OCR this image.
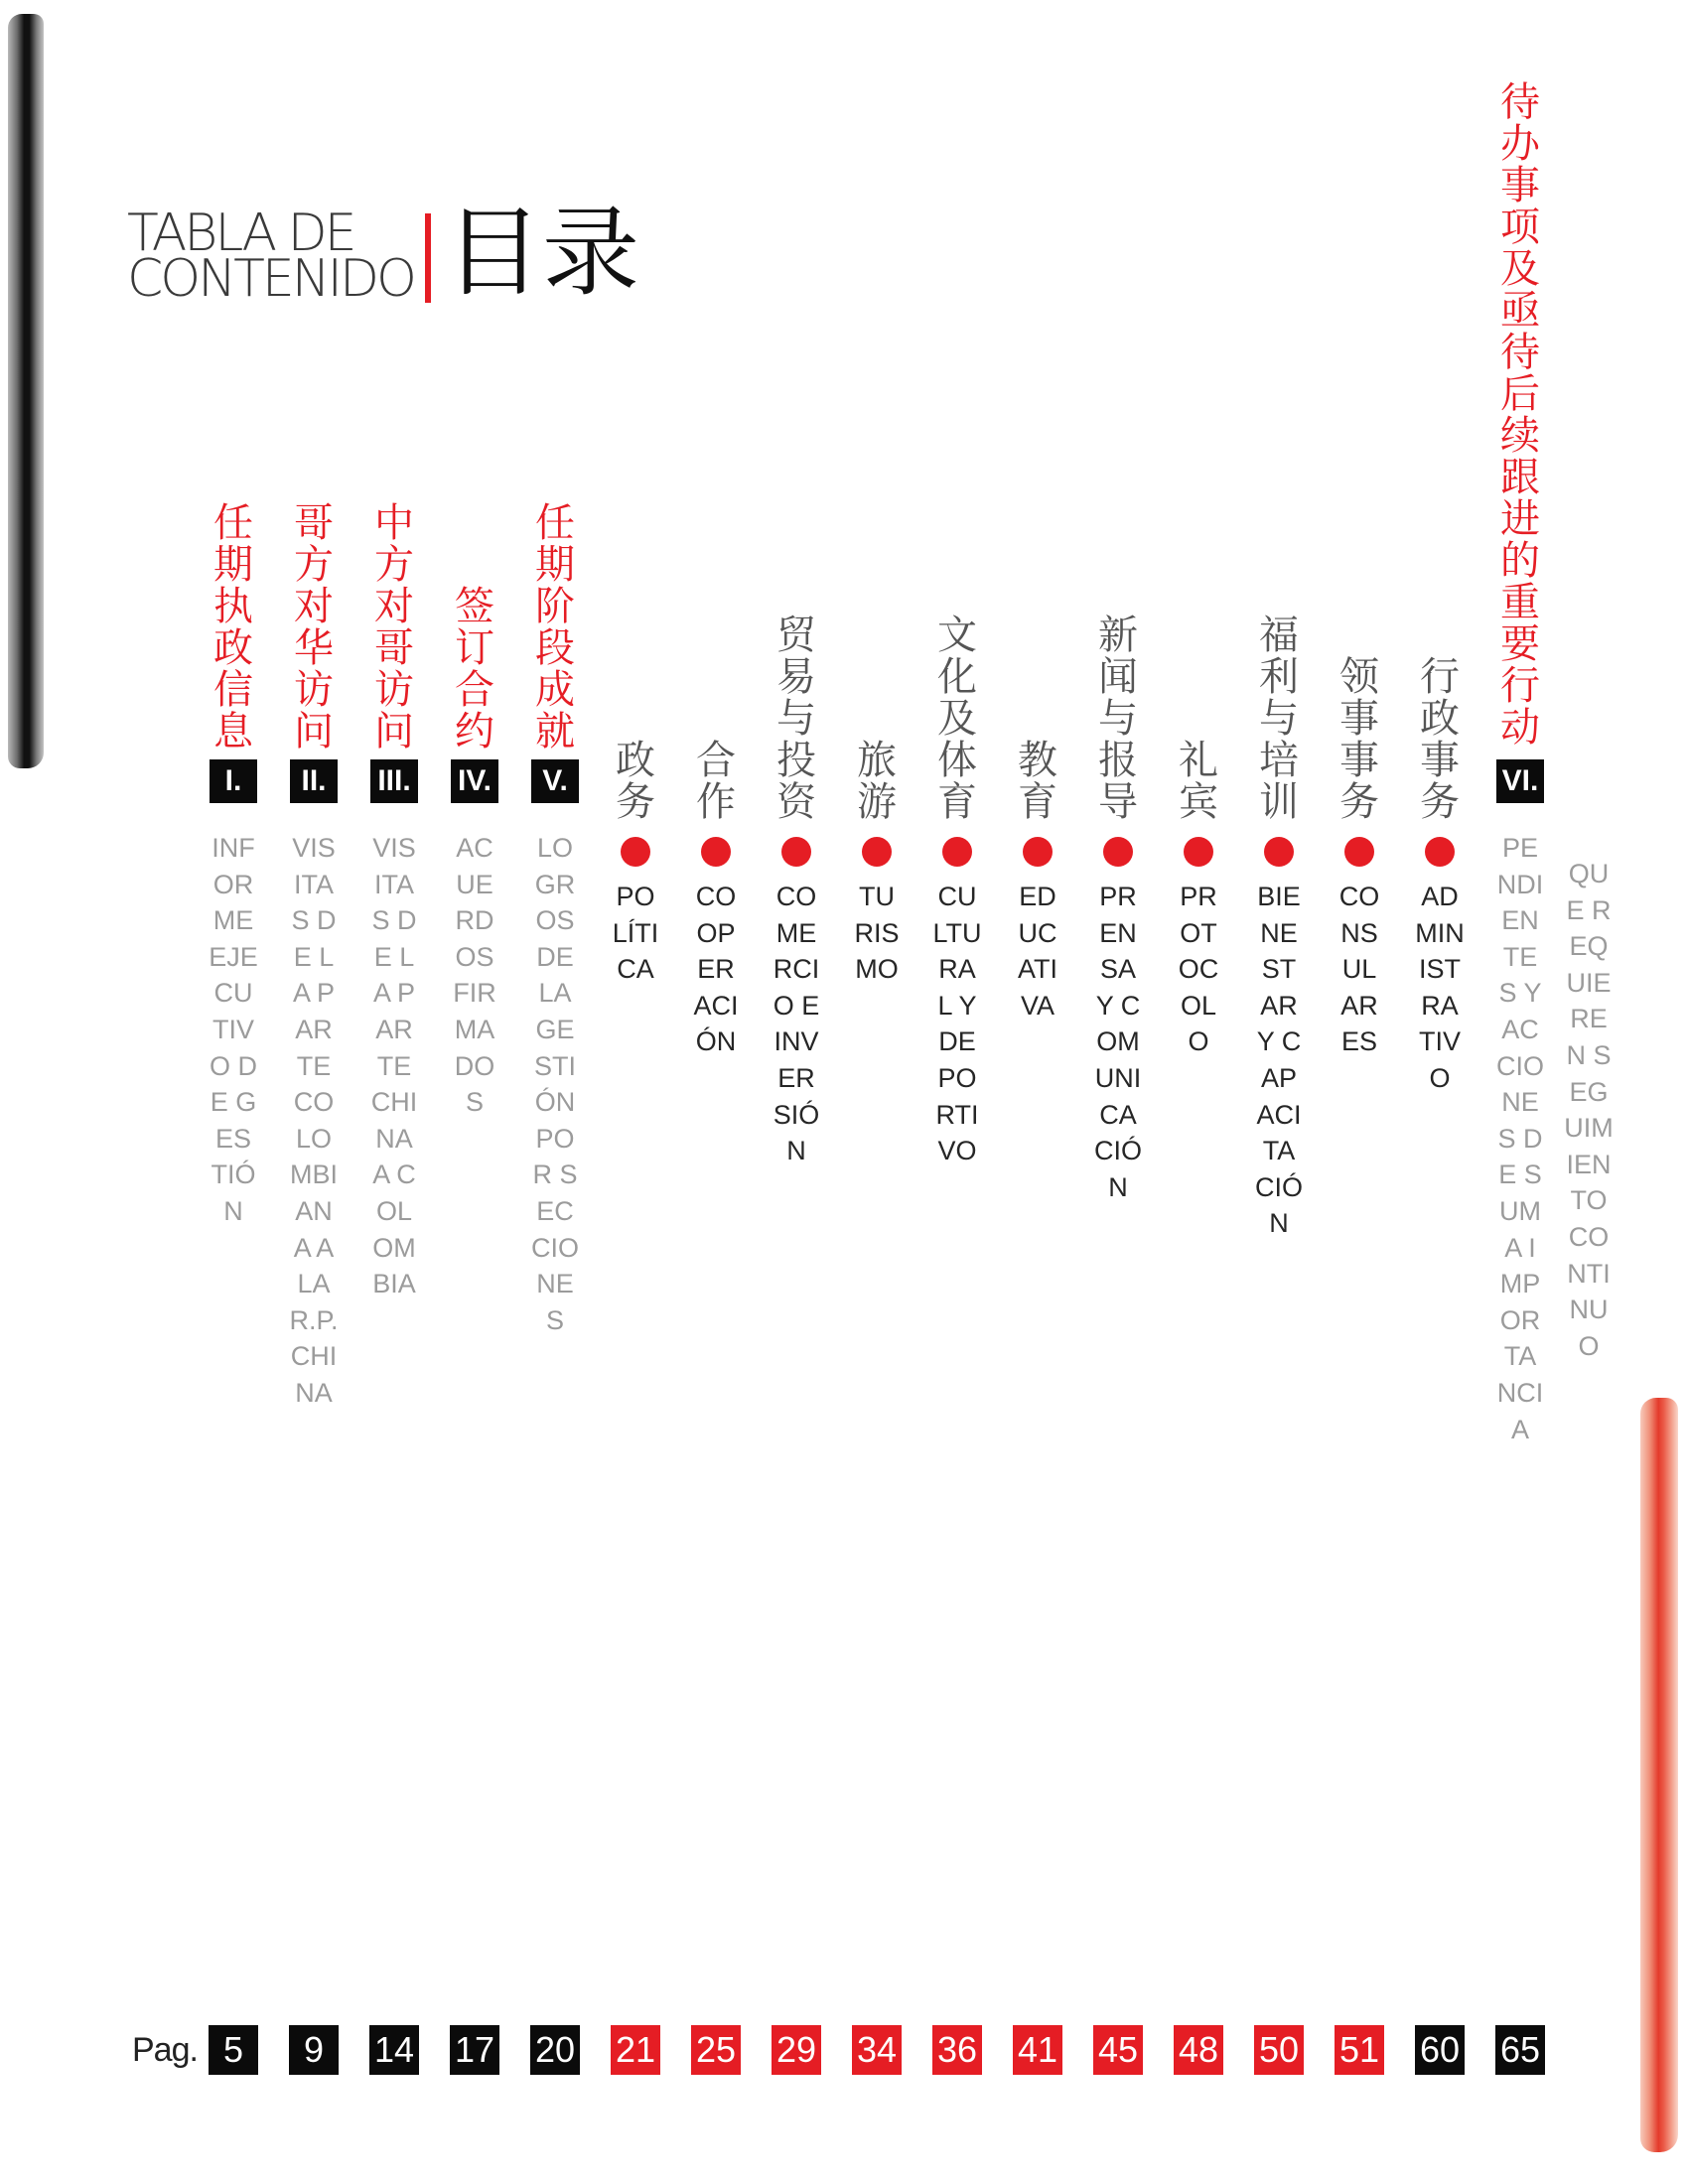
TABLA DE
CONTENIDO 目录
任期执政信息
I.
INFORME EJECUTIVO DE GESTIÓN
哥方对华访问
II.
VISITAS DE LA PARTE COLOMBIANA A LA R.P. CHINA
中方对哥访问
III.
VISITAS DE LA PARTE CHINA A COLOMBIA
签订合约
IV.
ACUERDOS FIRMADOS
任期阶段成就
V.
LOGROS DE LA GESTIÓN POR SECCIONES
政务
POLÍTICA
合作
COOPERACIÓN
贸易与投资
COMERCIO E INVERSIÓN
旅游
TURISMO
文化及体育
CULTURAL Y DEPORTIVO
教育
EDUCATIVA
新闻与报导
PRENSA Y COMUNICACIÓN
礼宾
PROTOCOLO
福利与培训
BIENESTAR Y CAPACITACIÓN
领事事务
CONSULARES
行政事务
ADMINISTRATIVO
待办事项及亟待后续跟进的重要行动
VI.
PENDIENTES Y ACCIONES DE SUMA IMPORTANCIA
QUE REQUIEREN SEGUIMIENTO CONTINUO
Pag. 5	9	14 17 20 21 25 29 34 36 41 45 48 50 51 60 65
